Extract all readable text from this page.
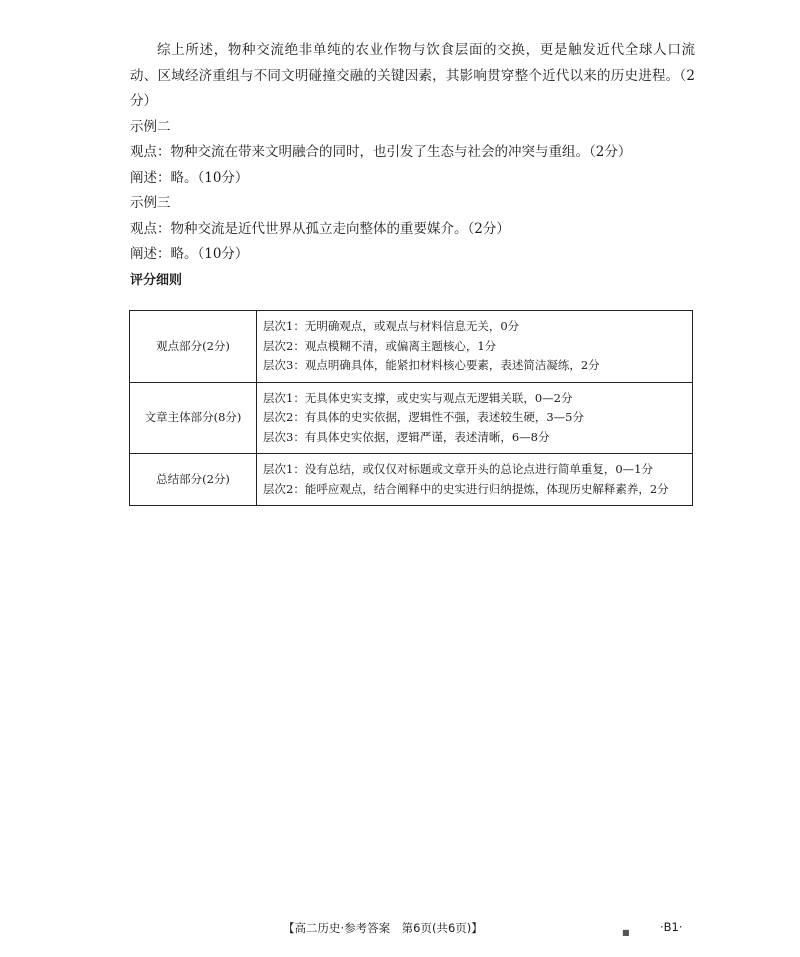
综上所述，物种交流绝非单纯的农业作物与饮食层面的交换，更是触发近代全球人口流动、区域经济重组与不同文明碰撞交融的关键因素，其影响贯穿整个近代以来的历史进程。（2分）

示例二

观点：物种交流在带来文明融合的同时，也引发了生态与社会的冲突与重组。（2分）

阐述：略。（10分）

示例三

观点：物种交流是近代世界从孤立走向整体的重要媒介。（2分）

阐述：略。（10分）

评分细则

观点部分(2分)	层次1：无明确观点，或观点与材料信息无关，0分
层次2：观点模糊不清，或偏离主题核心，1分
层次3：观点明确具体，能紧扣材料核心要素，表述简洁凝练，2分

文章主体部分(8分)	层次1：无具体史实支撑，或史实与观点无逻辑关联，0—2分
层次2：有具体的史实依据，逻辑性不强，表述较生硬，3—5分
层次3：有具体史实依据，逻辑严谨，表述清晰，6—8分

总结部分(2分)	层次1：没有总结，或仅仅对标题或文章开头的总论点进行简单重复，0—1分
层次2：能呼应观点，结合阐释中的史实进行归纳提炼，体现历史解释素养，2分
【高二历史·参考答案　第6页(共6页)】	■	·B1·
